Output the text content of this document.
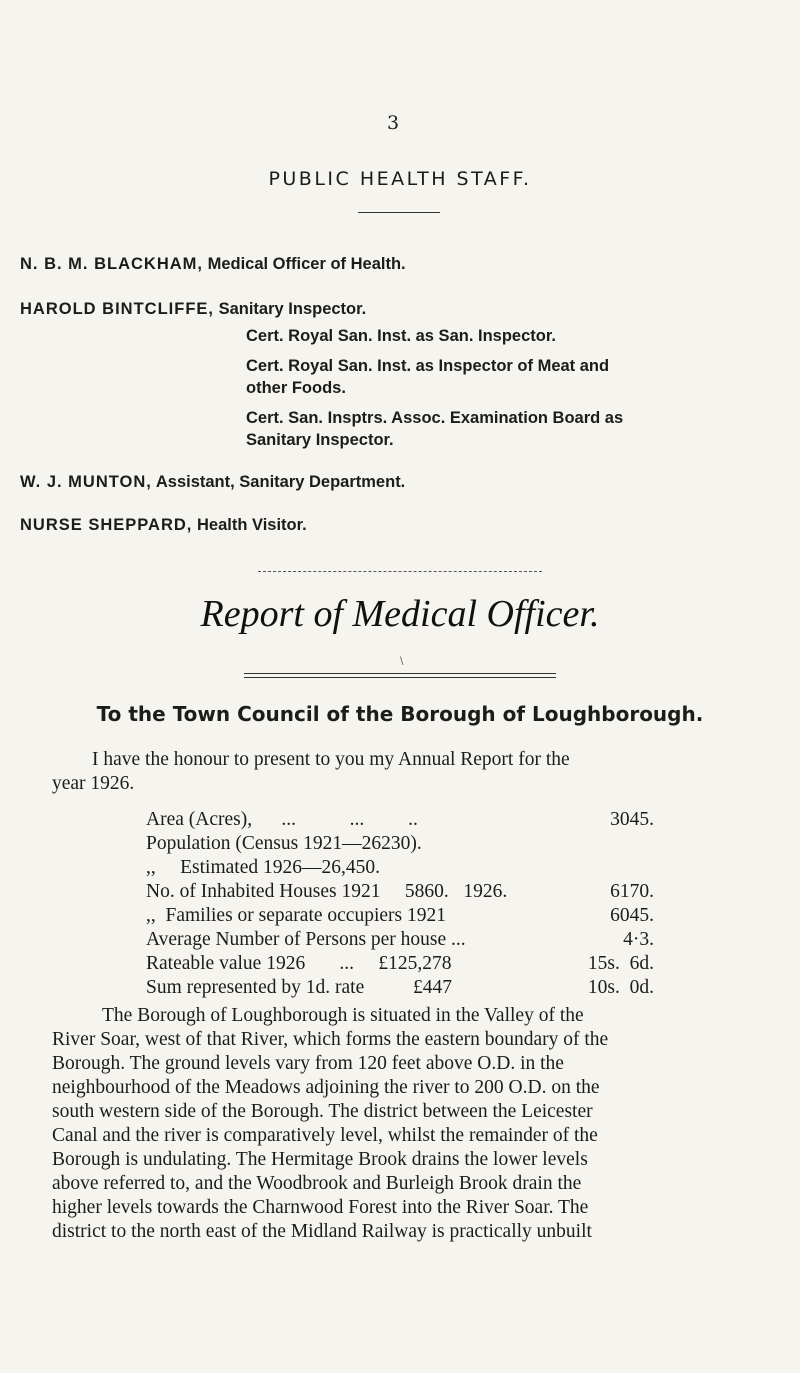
3
PUBLIC HEALTH STAFF.
N. B. M. BLACKHAM, Medical Officer of Health.
HAROLD BINTCLIFFE, Sanitary Inspector.
Cert. Royal San. Inst. as San. Inspector.
Cert. Royal San. Inst. as Inspector of Meat and
other Foods.
Cert. San. Insptrs. Assoc. Examination Board as
Sanitary Inspector.
W. J. MUNTON, Assistant, Sanitary Department.
NURSE SHEPPARD, Health Visitor.
Report of Medical Officer.
\
To the Town Council of the Borough of Loughborough.
I have the honour to present to you my Annual Report for the
year 1926.
Area (Acres),      ...           ...         ..	3045.
Population (Census 1921—26230).
,,     Estimated 1926—26,450.
No. of Inhabited Houses 1921     5860.   1926.	6170.
,,  Families or separate occupiers 1921	6045.
Average Number of Persons per house ...	4·3.
Rateable value 1926       ...     £125,278	15s.  6d.
Sum represented by 1d. rate          £447	10s.  0d.
The Borough of Loughborough is situated in the Valley of the
River Soar, west of that River, which forms the eastern boundary of the
Borough. The ground levels vary from 120 feet above O.D. in the
neighbourhood of the Meadows adjoining the river to 200 O.D. on the
south western side of the Borough. The district between the Leicester
Canal and the river is comparatively level, whilst the remainder of the
Borough is undulating. The Hermitage Brook drains the lower levels
above referred to, and the Woodbrook and Burleigh Brook drain the
higher levels towards the Charnwood Forest into the River Soar. The
district to the north east of the Midland Railway is practically unbuilt
